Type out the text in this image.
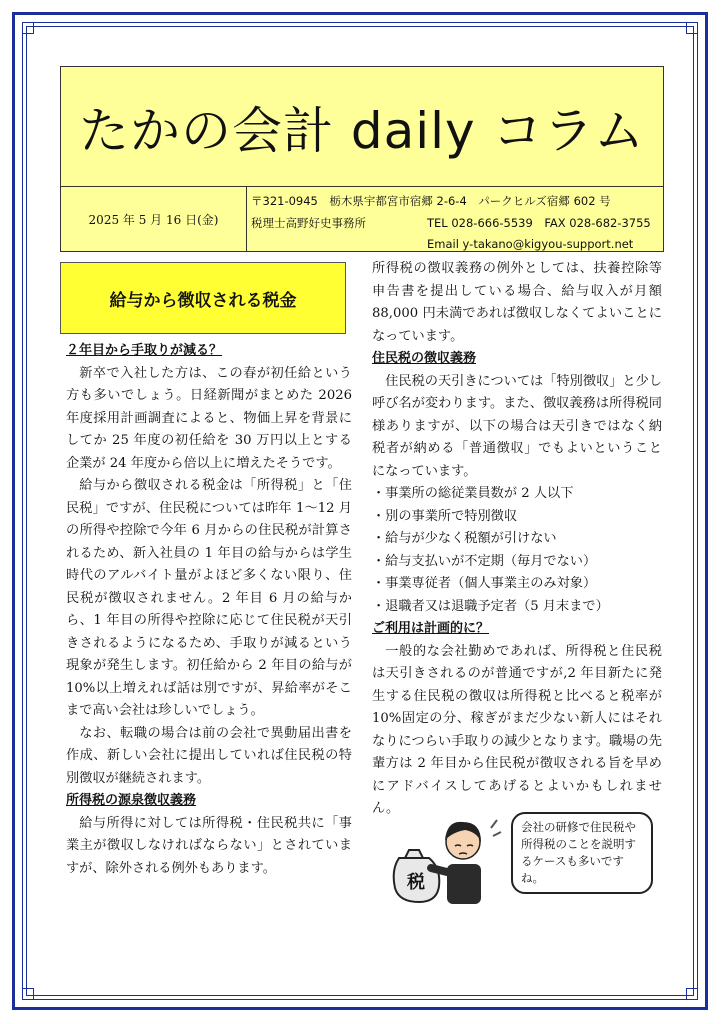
たかの会計 daily コラム
2025 年 5 月 16 日(金)
〒321-0945　栃木県宇都宮市宿郷 2-6-4　パークヒルズ宿郷 602 号
税理士高野好史事務所	TEL 028-666-5539　FAX 028-682-3755
Email y-takano@kigyou-support.net
給与から徴収される税金

２年目から手取りが減る？

新卒で入社した方は、この春が初任給という方も多いでしょう。日経新聞がまとめた 2026 年度採用計画調査によると、物価上昇を背景にしてか 25 年度の初任給を 30 万円以上とする企業が 24 年度から倍以上に増えたそうです。

給与から徴収される税金は「所得税」と「住民税」ですが、住民税については昨年 1～12 月の所得や控除で今年 6 月からの住民税が計算されるため、新入社員の 1 年目の給与からは学生時代のアルバイト量がよほど多くない限り、住民税が徴収されません。2 年目 6 月の給与から、1 年目の所得や控除に応じて住民税が天引きされるようになるため、手取りが減るという現象が発生します。初任給から 2 年目の給与が 10%以上増えれば話は別ですが、昇給率がそこまで高い会社は珍しいでしょう。

なお、転職の場合は前の会社で異動届出書を作成、新しい会社に提出していれば住民税の特別徴収が継続されます。

所得税の源泉徴収義務

給与所得に対しては所得税・住民税共に「事業主が徴収しなければならない」とされていますが、除外される例外もあります。

所得税の徴収義務の例外としては、扶養控除等申告書を提出している場合、給与収入が月額 88,000 円未満であれば徴収しなくてよいことになっています。

住民税の徴収義務

住民税の天引きについては「特別徴収」と少し呼び名が変わります。また、徴収義務は所得税同様ありますが、以下の場合は天引きではなく納税者が納める「普通徴収」でもよいということになっています。

・事業所の総従業員数が 2 人以下
・別の事業所で特別徴収
・給与が少なく税額が引けない
・給与支払いが不定期（毎月でない）
・事業専従者（個人事業主のみ対象）
・退職者又は退職予定者（5 月末まで）

ご利用は計画的に？

一般的な会社勤めであれば、所得税と住民税は天引きされるのが普通ですが,2 年目新たに発生する住民税の徴収は所得税と比べると税率が 10%固定の分、稼ぎがまだ少ない新人にはそれなりにつらい手取りの減少となります。職場の先輩方は 2 年目から住民税が徴収される旨を早めにアドバイスしてあげるとよいかもしれません。

税
会社の研修で住民税や所得税のことを説明するケースも多いですね。
